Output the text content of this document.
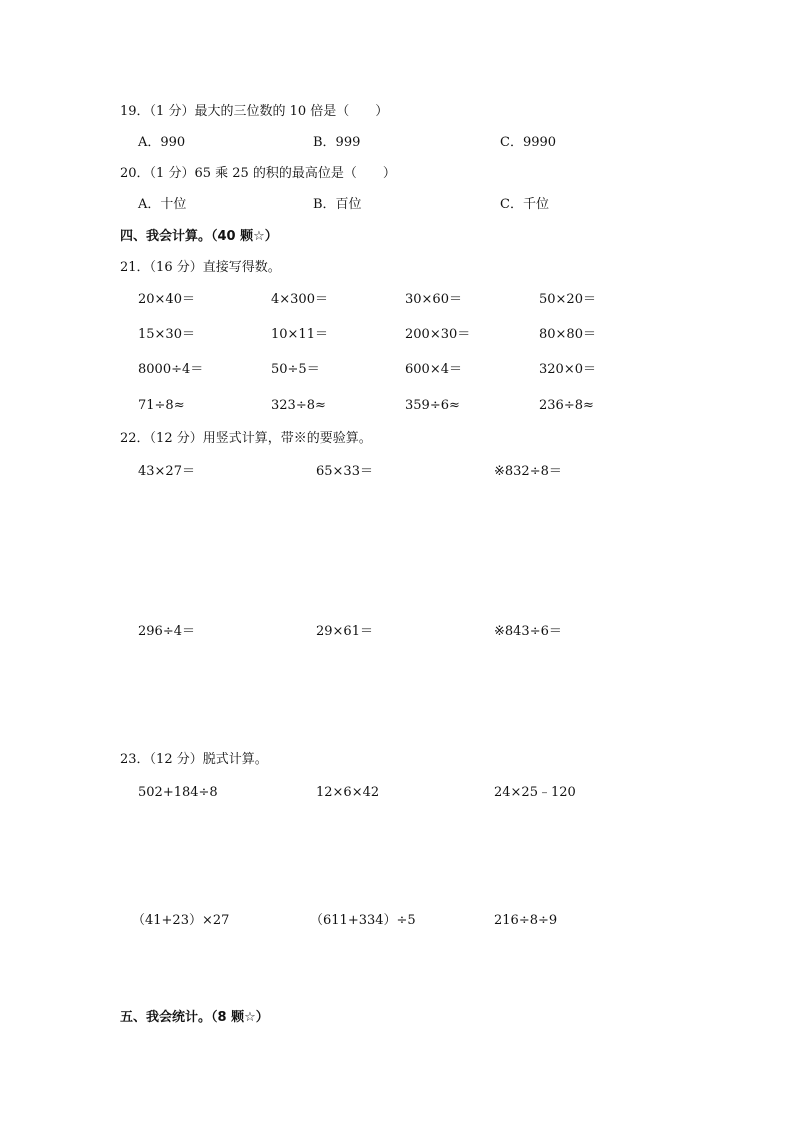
19．（1 分）最大的三位数的 10 倍是（　　）
A．990	B．999	C．9990
20．（1 分）65 乘 25 的积的最高位是（　　）
A．十位	B．百位	C．千位
四、我会计算。（40 颗☆）
21．（16 分）直接写得数。
20×40＝	4×300＝	30×60＝	50×20＝
15×30＝	10×11＝	200×30＝	80×80＝
8000÷4＝	50÷5＝	600×4＝	320×0＝
71÷8≈	323÷8≈	359÷6≈	236÷8≈
22．（12 分）用竖式计算，带※的要验算。
43×27＝	65×33＝	※832÷8＝
296÷4＝	29×61＝	※843÷6＝
23．（12 分）脱式计算。
502+184÷8	12×6×42	24×25﹣120
（41+23）×27	（611+334）÷5	216÷8÷9
五、我会统计。（8 颗☆）
